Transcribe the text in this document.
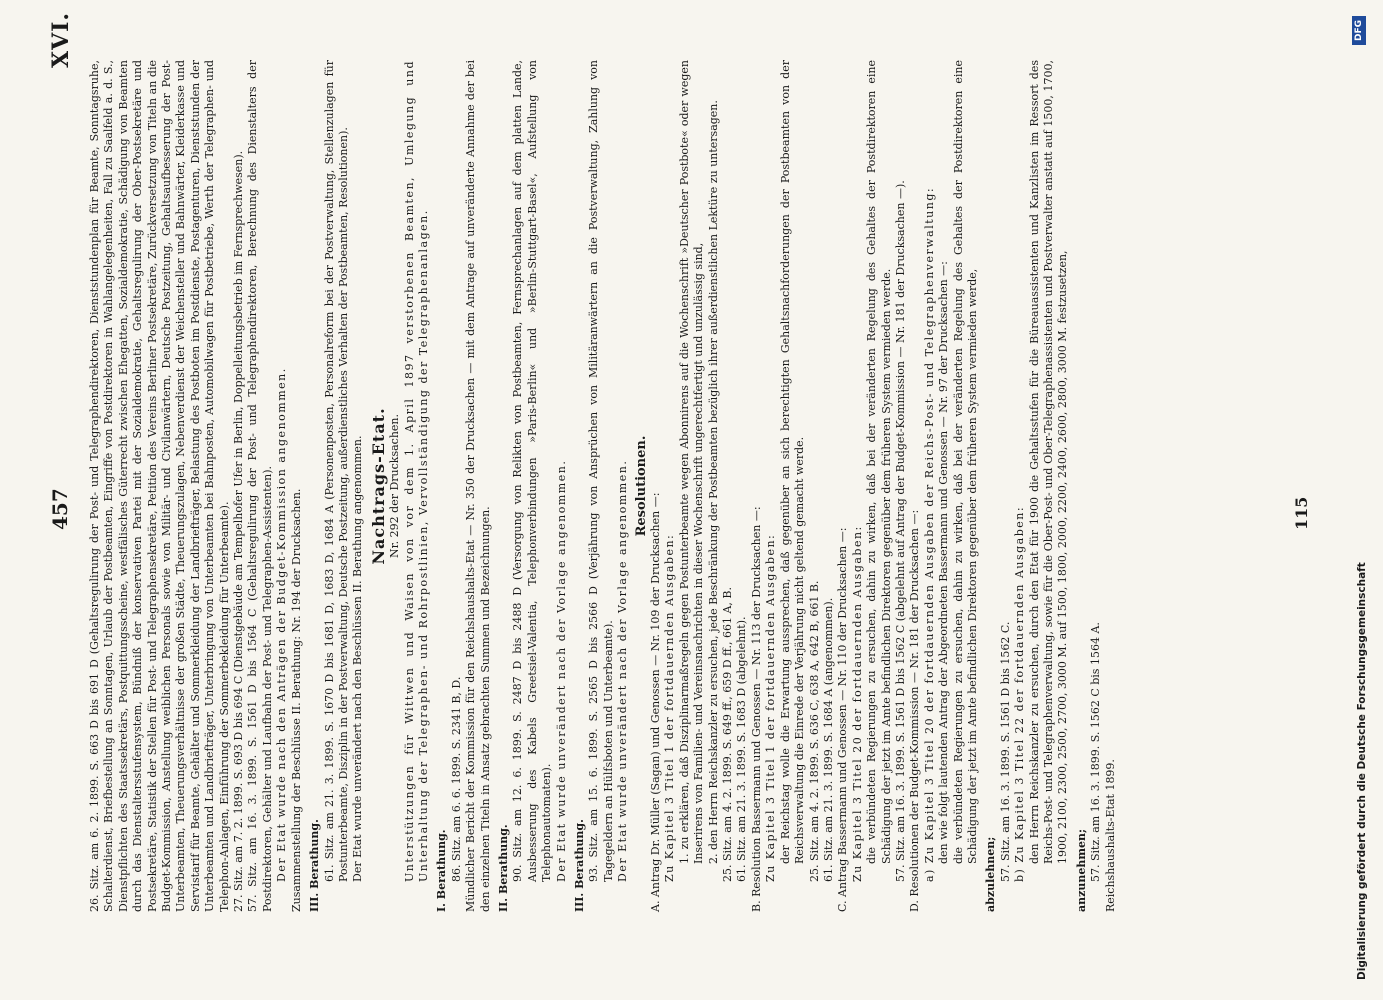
457
XVI.

26. Sitz. am 6. 2. 1899. S. 663 D bis 691 D (Gehaltsregulirung der Post- und Telegraphendirektoren, Dienststundenplan für Beamte, Sonntagsruhe, Schalterdienst, Briefbestellung an Sonntagen, Urlaub der Postbeamten, Eingriffe von Postdirektoren in Wahlangelegenheiten, Fall zu Saalfeld a. d. S., Dienstpflichten des Staatssekretärs, Postquittungsscheine, westfälisches Güterrecht zwischen Ehegatten, Sozialdemokratie, Schädigung von Beamten durch das Dienstaltersstufensystem, Bündniß der konservativen Partei mit der Sozialdemokratie, Gehaltsregulirung der Ober-Postsekretäre und Postsekretäre, Statistik der Stellen für Post- und Telegraphensekretäre, Petition des Vereins Berliner Postsekretäre, Zurückversetzung von Titeln an die Budget-Kommission, Anstellung weiblichen Personals sowie von Militär- und Civilanwärtern, Deutsche Postzeitung, Gehaltsaufbesserung der Post-Unterbeamten, Theuerungsverhältnisse der großen Städte, Theuerungszulagen, Nebenverdienst der Weichensteller und Bahnwärter, Kleiderkasse und Servistarif für Beamte, Gehälter und Sommerkleidung der Landbriefträger, Belastung des Postboten im Postdienste, Postagenturen, Dienststunden der Unterbeamten und Landbriefträger, Unterbringung von Unterbeamten bei Bahnposten, Automobilwagen für Postbetriebe, Werth der Telegraphen- und Telephon-Anlagen, Einführung der Sommerbekleidung für Unterbeamte). 27. Sitz. am 7. 2. 1899. S. 693 D bis 694 C (Dienstgebäude am Tempelhofer Ufer in Berlin, Doppelleitungsbetrieb im Fernsprechwesen). 57. Sitz. am 16. 3. 1899. S. 1561 D bis 1564 C (Gehaltsregulirung der Post- und Telegraphendirektoren, Berechnung des Dienstalters der Postdirektoren, Gehälter und Laufbahn der Post- und Telegraphen-Assistenten). Der Etat wurde nach den Anträgen der Budget-Kommission angenommen. Zusammenstellung der Beschlüsse II. Berathung: Nr. 194 der Drucksachen. III. Berathung. 61. Sitz. am 21. 3. 1899. S. 1670 D bis 1681 D, 1683 D, 1684 A (Personenposten, Personalreform bei der Postverwaltung, Stellenzulagen für Postunterbeamte, Disziplin in der Postverwaltung, Deutsche Postzeitung, außerdienstliches Verhalten der Postbeamten, Resolutionen). Der Etat wurde unverändert nach den Beschlüssen II. Berathung angenommen. Nachtrags-Etat. Nr. 292 der Drucksachen. Unterstützungen für Wittwen und Waisen von vor dem 1. April 1897 verstorbenen Beamten, Umlegung und Unterhaltung der Telegraphen- und Rohrpostlinien, Vervollständigung der Telegraphenanlagen. I. Berathung. 86. Sitz. am 6. 6. 1899. S. 2341 B, D. Mündlicher Bericht der Kommission für den Reichshaushalts-Etat — Nr. 350 der Drucksachen — mit dem Antrage auf unveränderte Annahme der bei den einzelnen Titeln in Ansatz gebrachten Summen und Bezeichnungen. II. Berathung. 90. Sitz. am 12. 6. 1899. S. 2487 D bis 2488 D (Versorgung von Relikten von Postbeamten, Fernsprechanlagen auf dem platten Lande, Ausbesserung des Kabels Greetsiel-Valentia, Telephonverbindungen »Paris-Berlin« und »Berlin-Stuttgart-Basel«, Aufstellung von Telephonautomaten). Der Etat wurde unverändert nach der Vorlage angenommen. III. Berathung. 93. Sitz. am 15. 6. 1899. S. 2565 D bis 2566 D (Verjährung von Ansprüchen von Militäranwärtern an die Postverwaltung, Zahlung von Tagegeldern an Hülfsboten und Unterbeamte). Der Etat wurde unverändert nach der Vorlage angenommen. Resolutionen.

A. Antrag Dr. Müller (Sagan) und Genossen — Nr. 109 der Drucksachen —: Zu Kapitel 3 Titel 1 der fortdauernden Ausgaben: 1. zu erklären, daß Disziplinarmaßregeln gegen Postunterbeamte wegen Abonnirens auf die Wochenschrift »Deutscher Postbote« oder wegen Inserirens von Familien- und Vereinsnachrichten in dieser Wochenschrift ungerechtfertigt und unzulässig sind, 2. den Herrn Reichskanzler zu ersuchen, jede Beschränkung der Postbeamten bezüglich ihrer außerdienstlichen Lektüre zu untersagen. 25. Sitz. am 4. 2. 1899. S. 649 ff., 659 D ff., 661 A, B. 61. Sitz. am 21. 3. 1899. S. 1683 D (abgelehnt). B. Resolution Bassermann und Genossen — Nr. 113 der Drucksachen —: Zu Kapitel 3 Titel 1 der fortdauernden Ausgaben: der Reichstag wolle die Erwartung aussprechen, daß gegenüber an sich berechtigten Gehaltsnachforderungen der Postbeamten von der Reichsverwaltung die Einrede der Verjährung nicht geltend gemacht werde. 25. Sitz. am 4. 2. 1899. S. 636 C, 638 A, 642 B, 661 B. 61. Sitz. am 21. 3. 1899. S. 1684 A (angenommen). C. Antrag Bassermann und Genossen — Nr. 110 der Drucksachen —: Zu Kapitel 3 Titel 20 der fortdauernden Ausgaben: die verbündeten Regierungen zu ersuchen, dahin zu wirken, daß bei der veränderten Regelung des Gehaltes der Postdirektoren eine Schädigung der jetzt im Amte befindlichen Direktoren gegenüber dem früheren System vermieden werde. 57. Sitz. am 16. 3. 1899. S. 1561 D bis 1562 C (abgelehnt auf Antrag der Budget-Kommission — Nr. 181 der Drucksachen —). D. Resolutionen der Budget-Kommission — Nr. 181 der Drucksachen —: a) Zu Kapitel 3 Titel 20 der fortdauernden Ausgaben der Reichs-Post- und Telegraphenverwaltung: den wie folgt lautenden Antrag der Abgeordneten Bassermann und Genossen — Nr. 97 der Drucksachen —: die verbündeten Regierungen zu ersuchen, dahin zu wirken, daß bei der veränderten Regelung des Gehaltes der Postdirektoren eine Schädigung der jetzt im Amte befindlichen Direktoren gegenüber dem früheren System vermieden werde,

abzulehnen; 57. Sitz. am 16. 3. 1899. S. 1561 D bis 1562 C. b) Zu Kapitel 3 Titel 22 der fortdauernden Ausgaben: den Herrn Reichskanzler zu ersuchen, durch den Etat für 1900 die Gehaltsstufen für die Büreauassistenten und Kanzlisten im Ressort des Reichs-Post- und Telegraphenverwaltung, sowie für die Ober-Post- und Ober-Telegraphenassistenten und Postverwalter anstatt auf 1500, 1700, 1900, 2100, 2300, 2500, 2700, 3000 M. auf 1500, 1800, 2000, 2200, 2400, 2600, 2800, 3000 M. festzusetzen,

anzunehmen; 57. Sitz. am 16. 3. 1899. S. 1562 C bis 1564 A. Reichshaushalts-Etat 1899.

115
Digitalisierung gefördert durch die Deutsche Forschungsgemeinschaft
DFG
